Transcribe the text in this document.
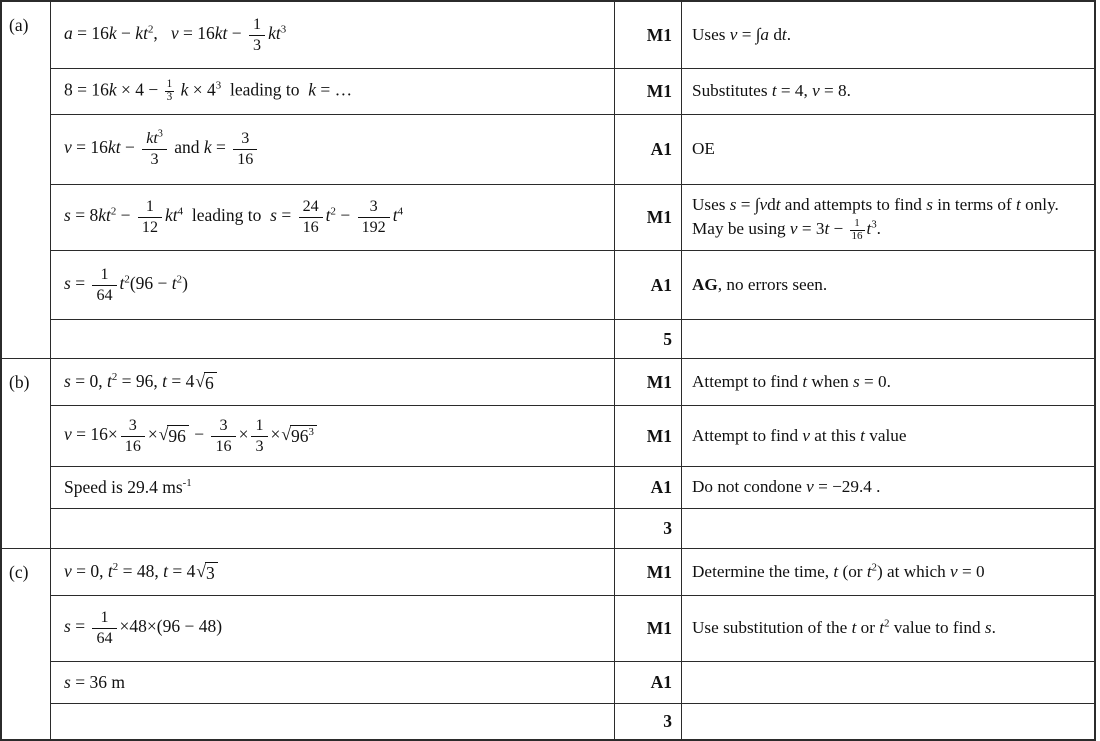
(a)	$a = 16k - kt^2$, $v = 16kt - \frac{1}{3} kt^3$	M1	Uses v = ∫a dt.
$8 = 16k \times 4 - \frac{1}{3}$ $k \times 4^3$ leading to k = …	M1	Substitutes t = 4, v = 8.
$v = 16kt - \frac{kt^3}{3}$ and $k = \frac{3}{16}$	A1	OE
$s = 8kt^2 - \frac{1}{12} kt^4$ leading to $s = \frac{24}{16} t^2 - \frac{3}{192} t^4$	M1
Uses s = ∫vdt and attempts to find s in terms of t only.
May be using $v = 3t - \frac{1}{16} t^3$.
$s = \frac{1}{64} t^2(96 - t^2)$	A1	AG, no errors seen.
5
(b)	s = 0, $t^2 = 96$, t = 4 √ 6	M1	Attempt to find t when s = 0.
$v = 16\times \frac{3}{16}$ × √ $96 - \frac{3}{16} \times \frac{1}{3}$ × √ $96^3$	M1	Attempt to find v at this t value
Speed is 29.4 $ms^{-1}$	A1	Do not condone v = −29.4 .
3
(c)	v = 0, $t^2 = 48$, t = 4 √ 3	M1	Determine the time, t (or $t^2$) at which v = 0
$s = \frac{1}{64} \times 48\times(96 - 48)$	M1	Use substitution of the t or $t^2$ value to find s.
s = 36 m	A1
3
